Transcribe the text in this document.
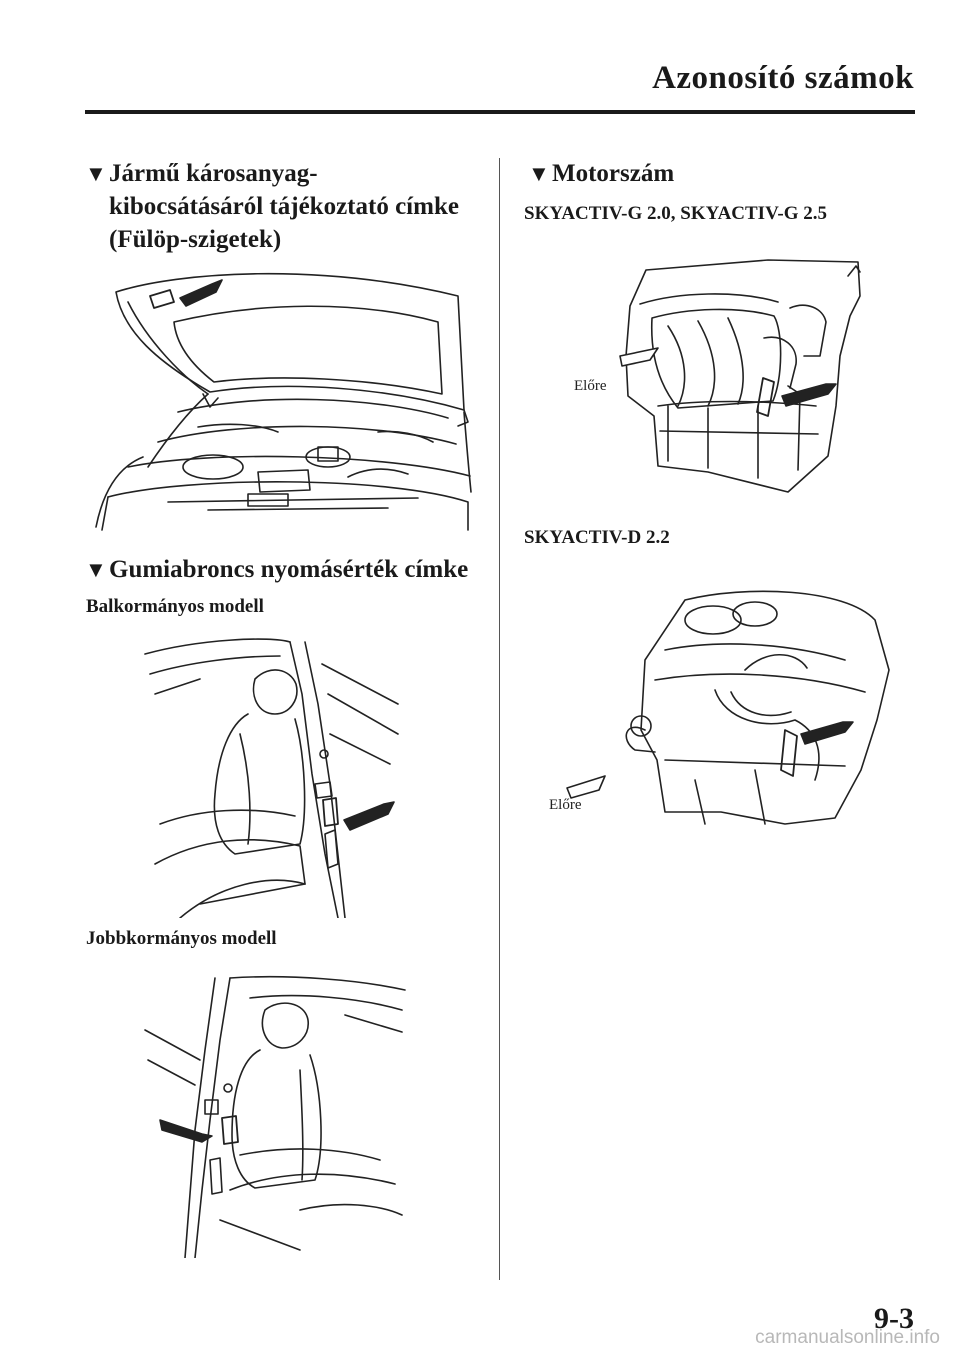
Azonosító számok
▼ Jármű károsanyag-
kibocsátásáról tájékoztató címke
(Fülöp-szigetek)
▼ Gumiabroncs nyomásérték címke
Balkormányos modell
Jobbkormányos modell
▼ Motorszám
SKYACTIV-G 2.0, SKYACTIV-G 2.5
Előre
SKYACTIV-D 2.2
Előre
9-3
carmanualsonline.info
